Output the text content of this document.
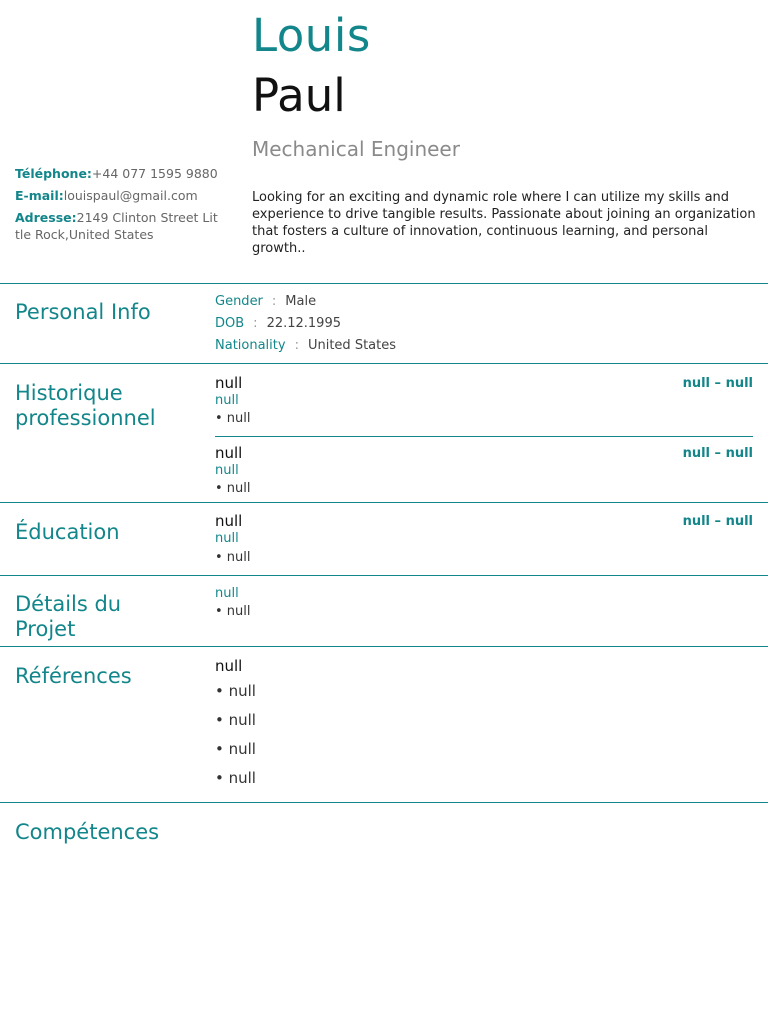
Louis
Paul
Mechanical Engineer
Looking for an exciting and dynamic role where I can utilize my skills and experience to drive tangible results. Passionate about joining an organization that fosters a culture of innovation, continuous learning, and personal growth..
Téléphone:+44 077 1595 9880
E-mail:louispaul@gmail.com
Adresse:2149 Clinton Street Little Rock,United States
Personal Info	Gender : Male
DOB : 22.12.1995
Nationality : United States
Historique professionnel
null	null – null
null
• null
null	null – null
null
• null
Éducation	null	null – null
null
• null
Détails du Projet
null
• null
Références	null
• null
• null
• null
• null
Compétences
